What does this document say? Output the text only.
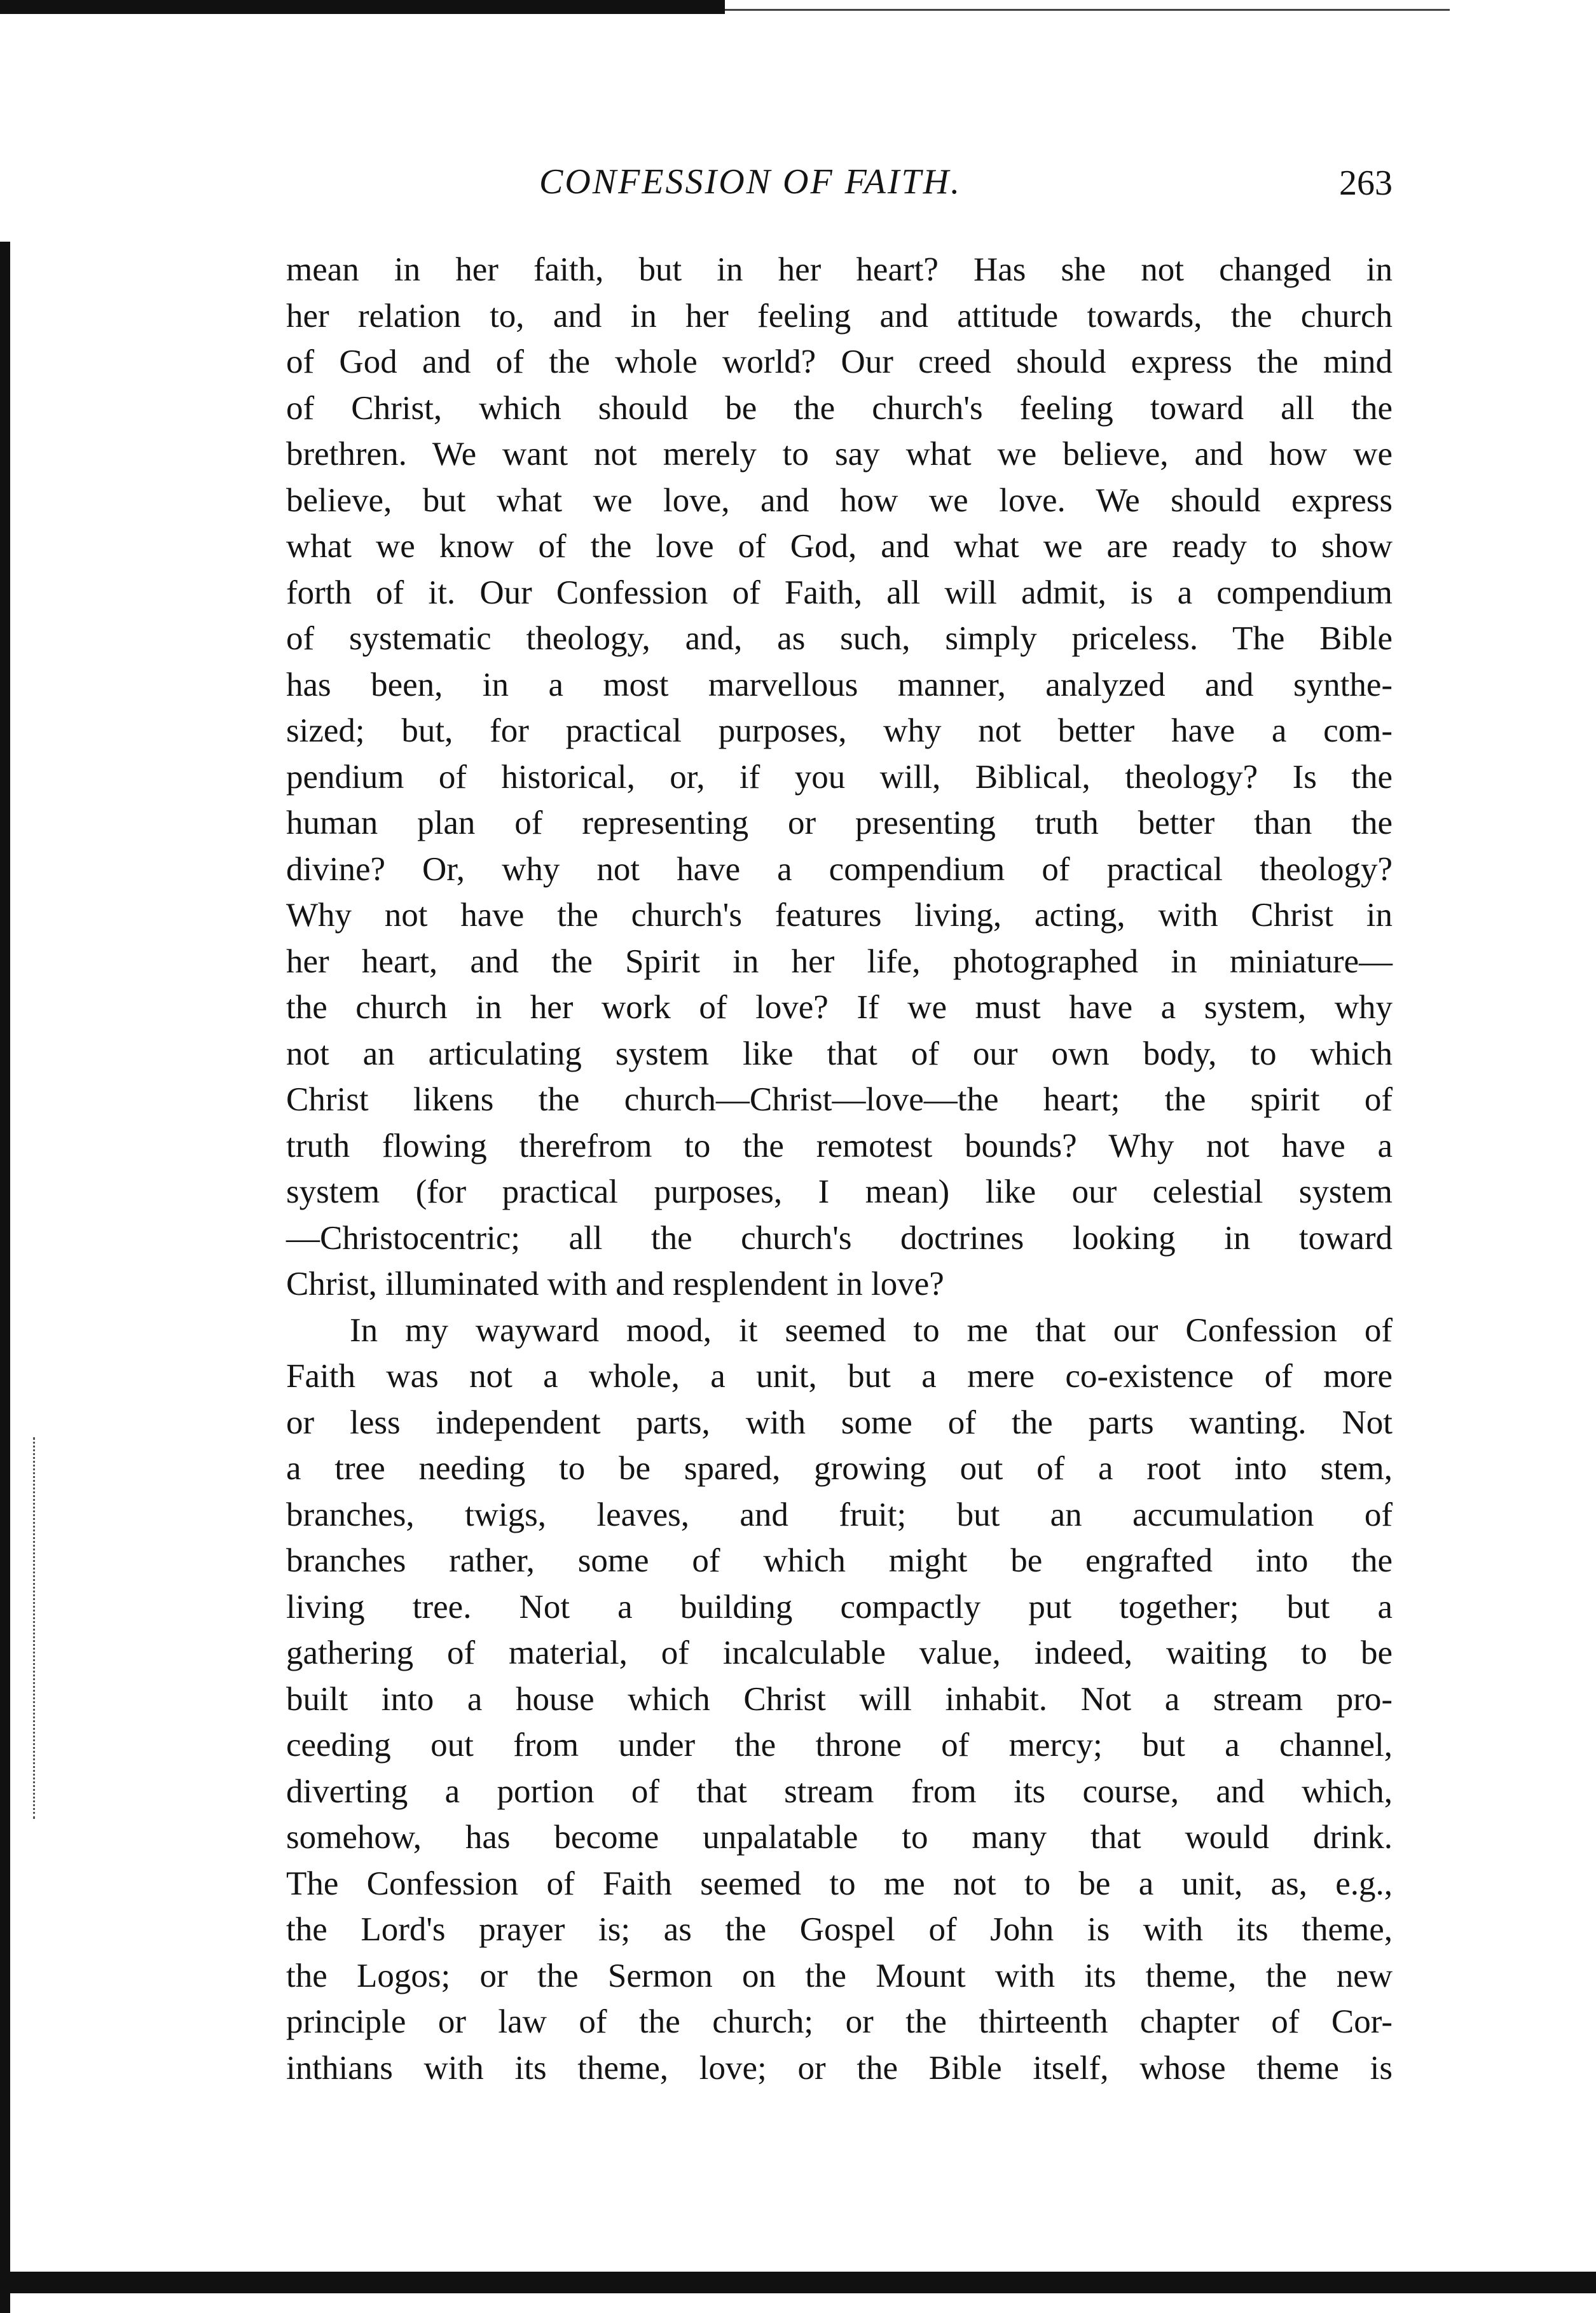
CONFESSION OF FAITH.	263
mean in her faith, but in her heart? Has she not changed in
her relation to, and in her feeling and attitude towards, the church
of God and of the whole world? Our creed should express the mind
of Christ, which should be the church's feeling toward all the
brethren. We want not merely to say what we believe, and how we
believe, but what we love, and how we love. We should express
what we know of the love of God, and what we are ready to show
forth of it. Our Confession of Faith, all will admit, is a compendium
of systematic theology, and, as such, simply priceless. The Bible
has been, in a most marvellous manner, analyzed and synthe-
sized; but, for practical purposes, why not better have a com-
pendium of historical, or, if you will, Biblical, theology? Is the
human plan of representing or presenting truth better than the
divine? Or, why not have a compendium of practical theology?
Why not have the church's features living, acting, with Christ in
her heart, and the Spirit in her life, photographed in miniature—
the church in her work of love? If we must have a system, why
not an articulating system like that of our own body, to which
Christ likens the church—Christ—love—the heart; the spirit of
truth flowing therefrom to the remotest bounds? Why not have a
system (for practical purposes, I mean) like our celestial system
—Christocentric; all the church's doctrines looking in toward
Christ, illuminated with and resplendent in love?
In my wayward mood, it seemed to me that our Confession of
Faith was not a whole, a unit, but a mere co-existence of more
or less independent parts, with some of the parts wanting. Not
a tree needing to be spared, growing out of a root into stem,
branches, twigs, leaves, and fruit; but an accumulation of
branches rather, some of which might be engrafted into the
living tree. Not a building compactly put together; but a
gathering of material, of incalculable value, indeed, waiting to be
built into a house which Christ will inhabit. Not a stream pro-
ceeding out from under the throne of mercy; but a channel,
diverting a portion of that stream from its course, and which,
somehow, has become unpalatable to many that would drink.
The Confession of Faith seemed to me not to be a unit, as, e.g.,
the Lord's prayer is; as the Gospel of John is with its theme,
the Logos; or the Sermon on the Mount with its theme, the new
principle or law of the church; or the thirteenth chapter of Cor-
inthians with its theme, love; or the Bible itself, whose theme is
